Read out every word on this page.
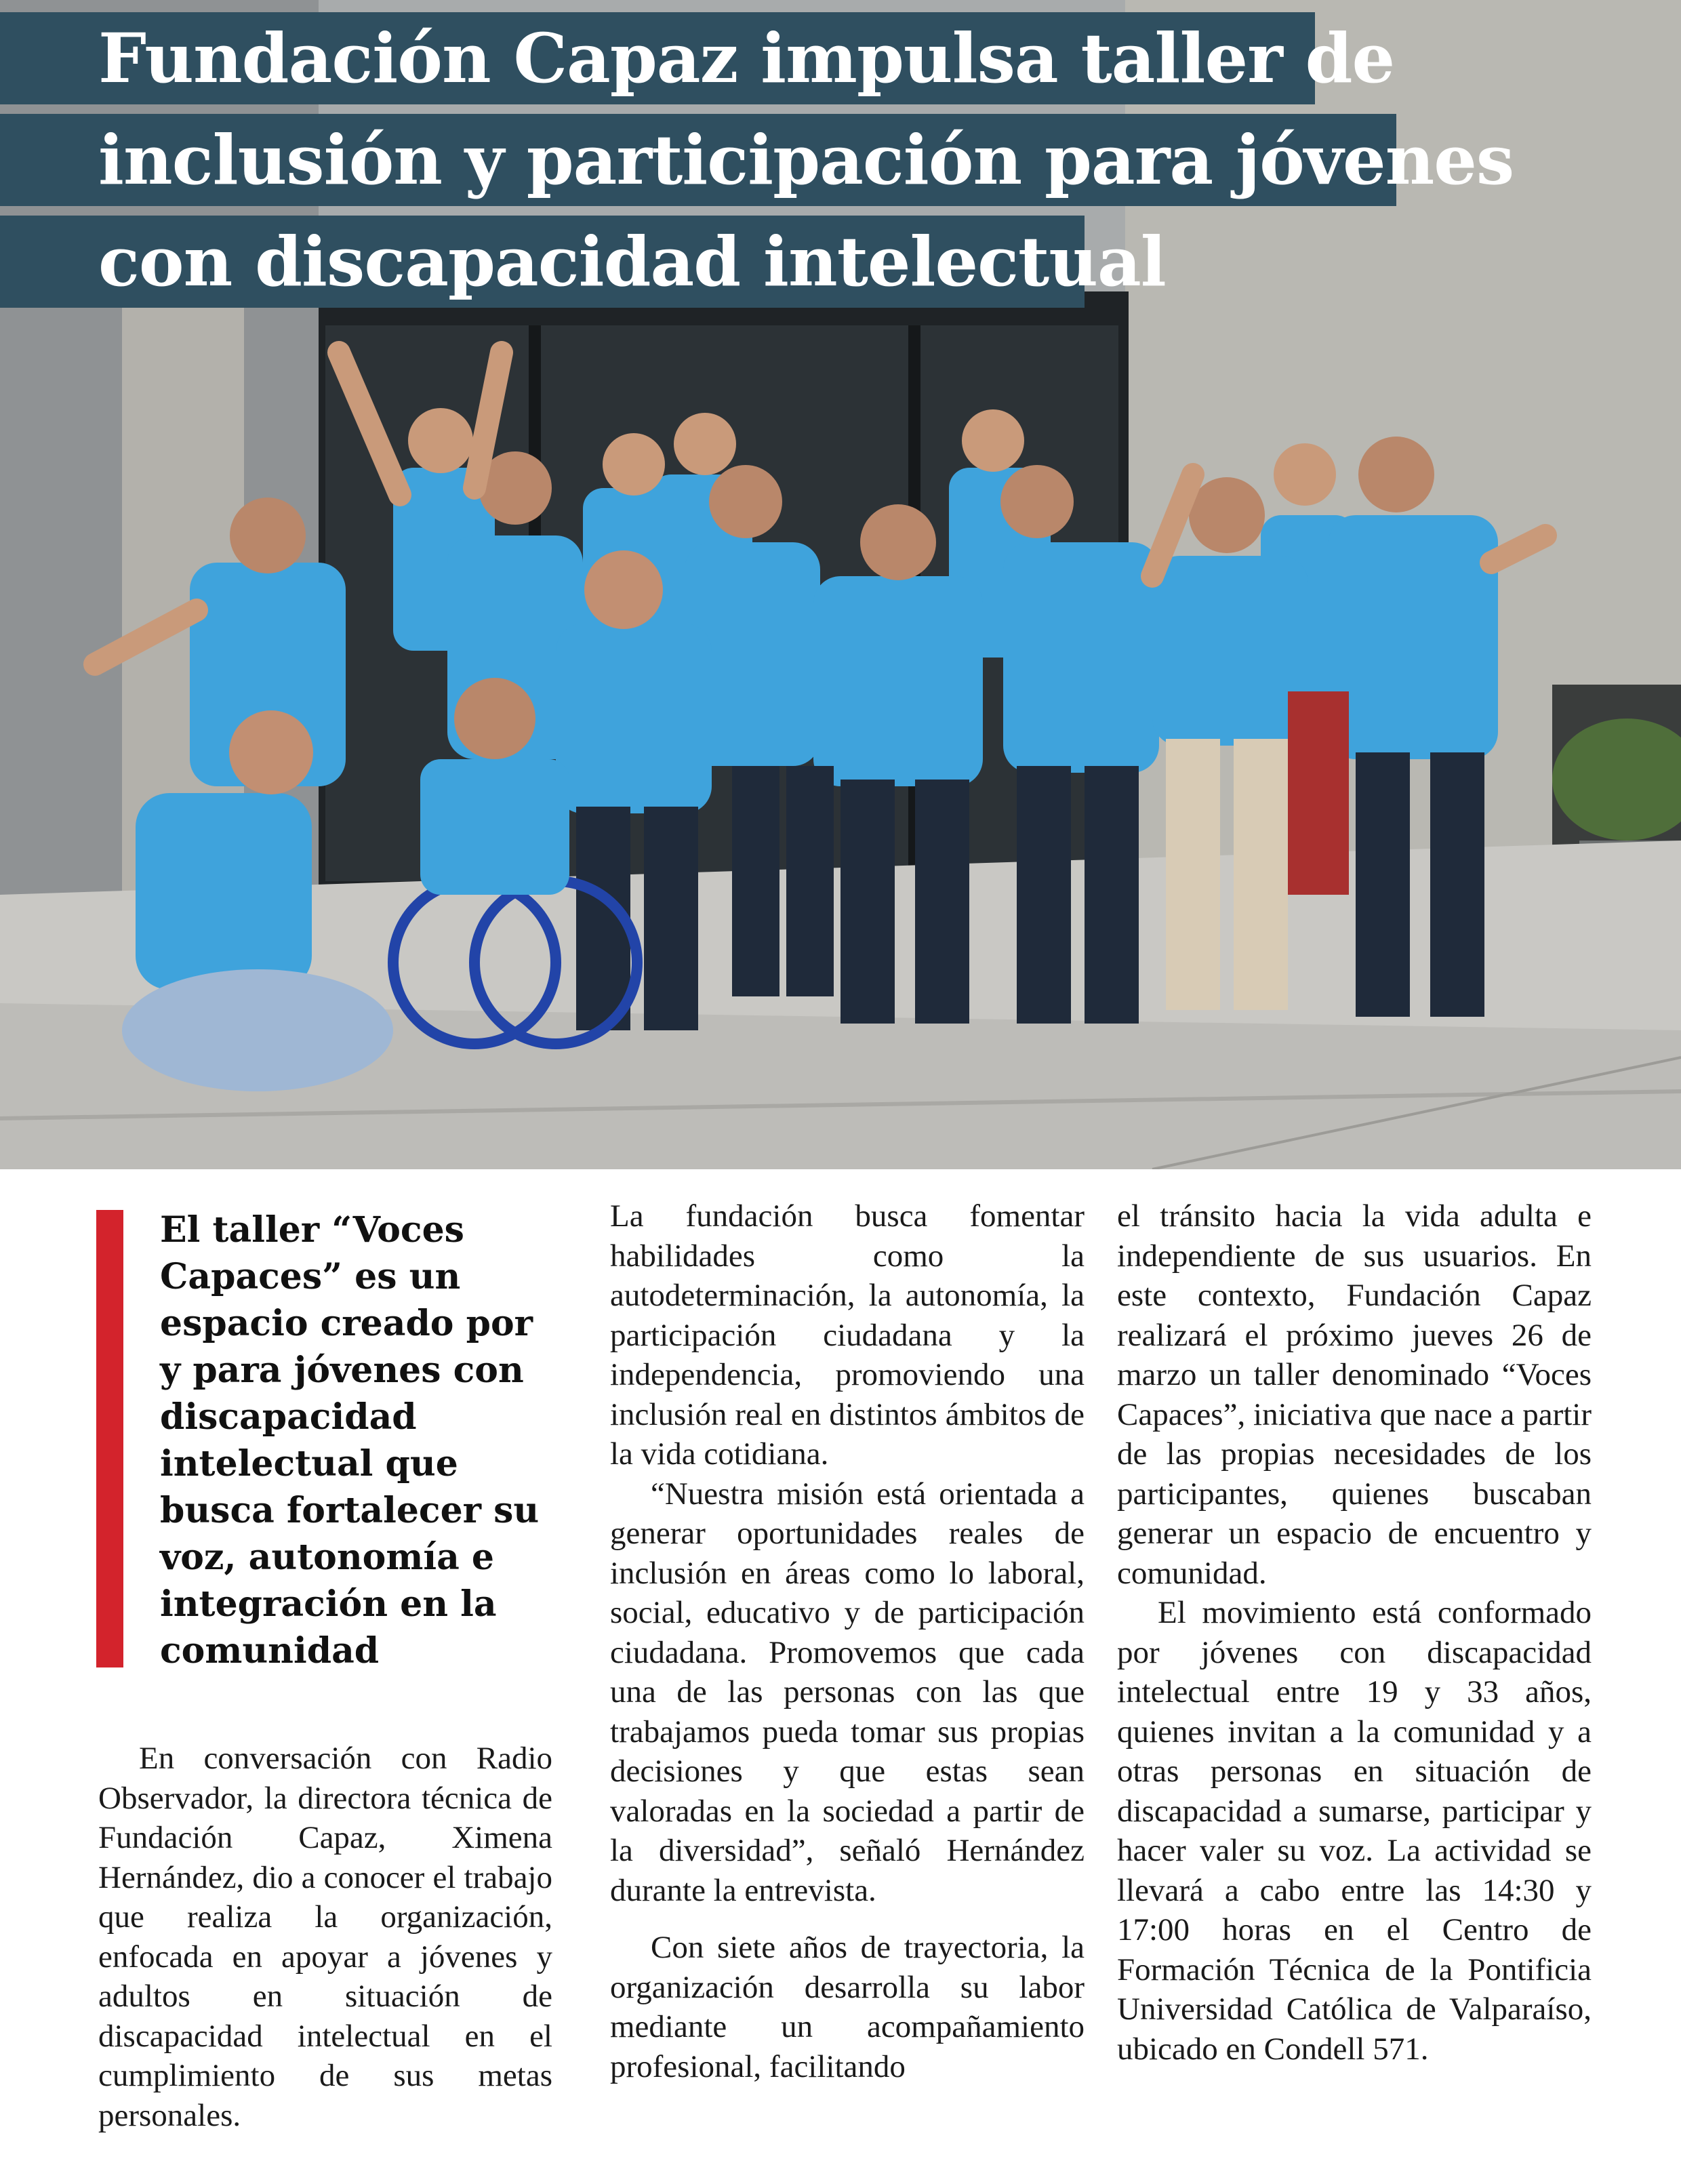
Fundación Capaz impulsa taller de
inclusión y participación para jóvenes
con discapacidad intelectual

El taller “Voces Capaces” es un espacio creado por y para jóvenes con discapacidad intelectual que busca fortalecer su voz, autonomía e integración en la comunidad

En conversación con Radio Observador, la directora técnica de Fundación Capaz, Ximena Hernández, dio a conocer el trabajo que realiza la organización, enfocada en apoyar a jóvenes y adultos en situación de discapacidad intelectual en el cumplimiento de sus metas personales.

La fundación busca fomentar habilidades como la autodeterminación, la autonomía, la participación ciudadana y la independencia, promoviendo una inclusión real en distintos ámbitos de la vida cotidiana.

“Nuestra misión está orientada a generar oportunidades reales de inclusión en áreas como lo laboral, social, educativo y de participación ciudadana. Promovemos que cada una de las personas con las que trabajamos pueda tomar sus propias decisiones y que estas sean valoradas en la sociedad a partir de la diversidad”, señaló Hernández durante la entrevista.

Con siete años de trayectoria, la organización desarrolla su labor mediante un acompañamiento profesional, facilitando

el tránsito hacia la vida adulta e independiente de sus usuarios. En este contexto, Fundación Capaz realizará el próximo jueves 26 de marzo un taller denominado “Voces Capaces”, iniciativa que nace a partir de las propias necesidades de los participantes, quienes buscaban generar un espacio de encuentro y comunidad.

El movimiento está conformado por jóvenes con discapacidad intelectual entre 19 y 33 años, quienes invitan a la comunidad y a otras personas en situación de discapacidad a sumarse, participar y hacer valer su voz. La actividad se llevará a cabo entre las 14:30 y 17:00 horas en el Centro de Formación Técnica de la Pontificia Universidad Católica de Valparaíso, ubicado en Condell 571.
